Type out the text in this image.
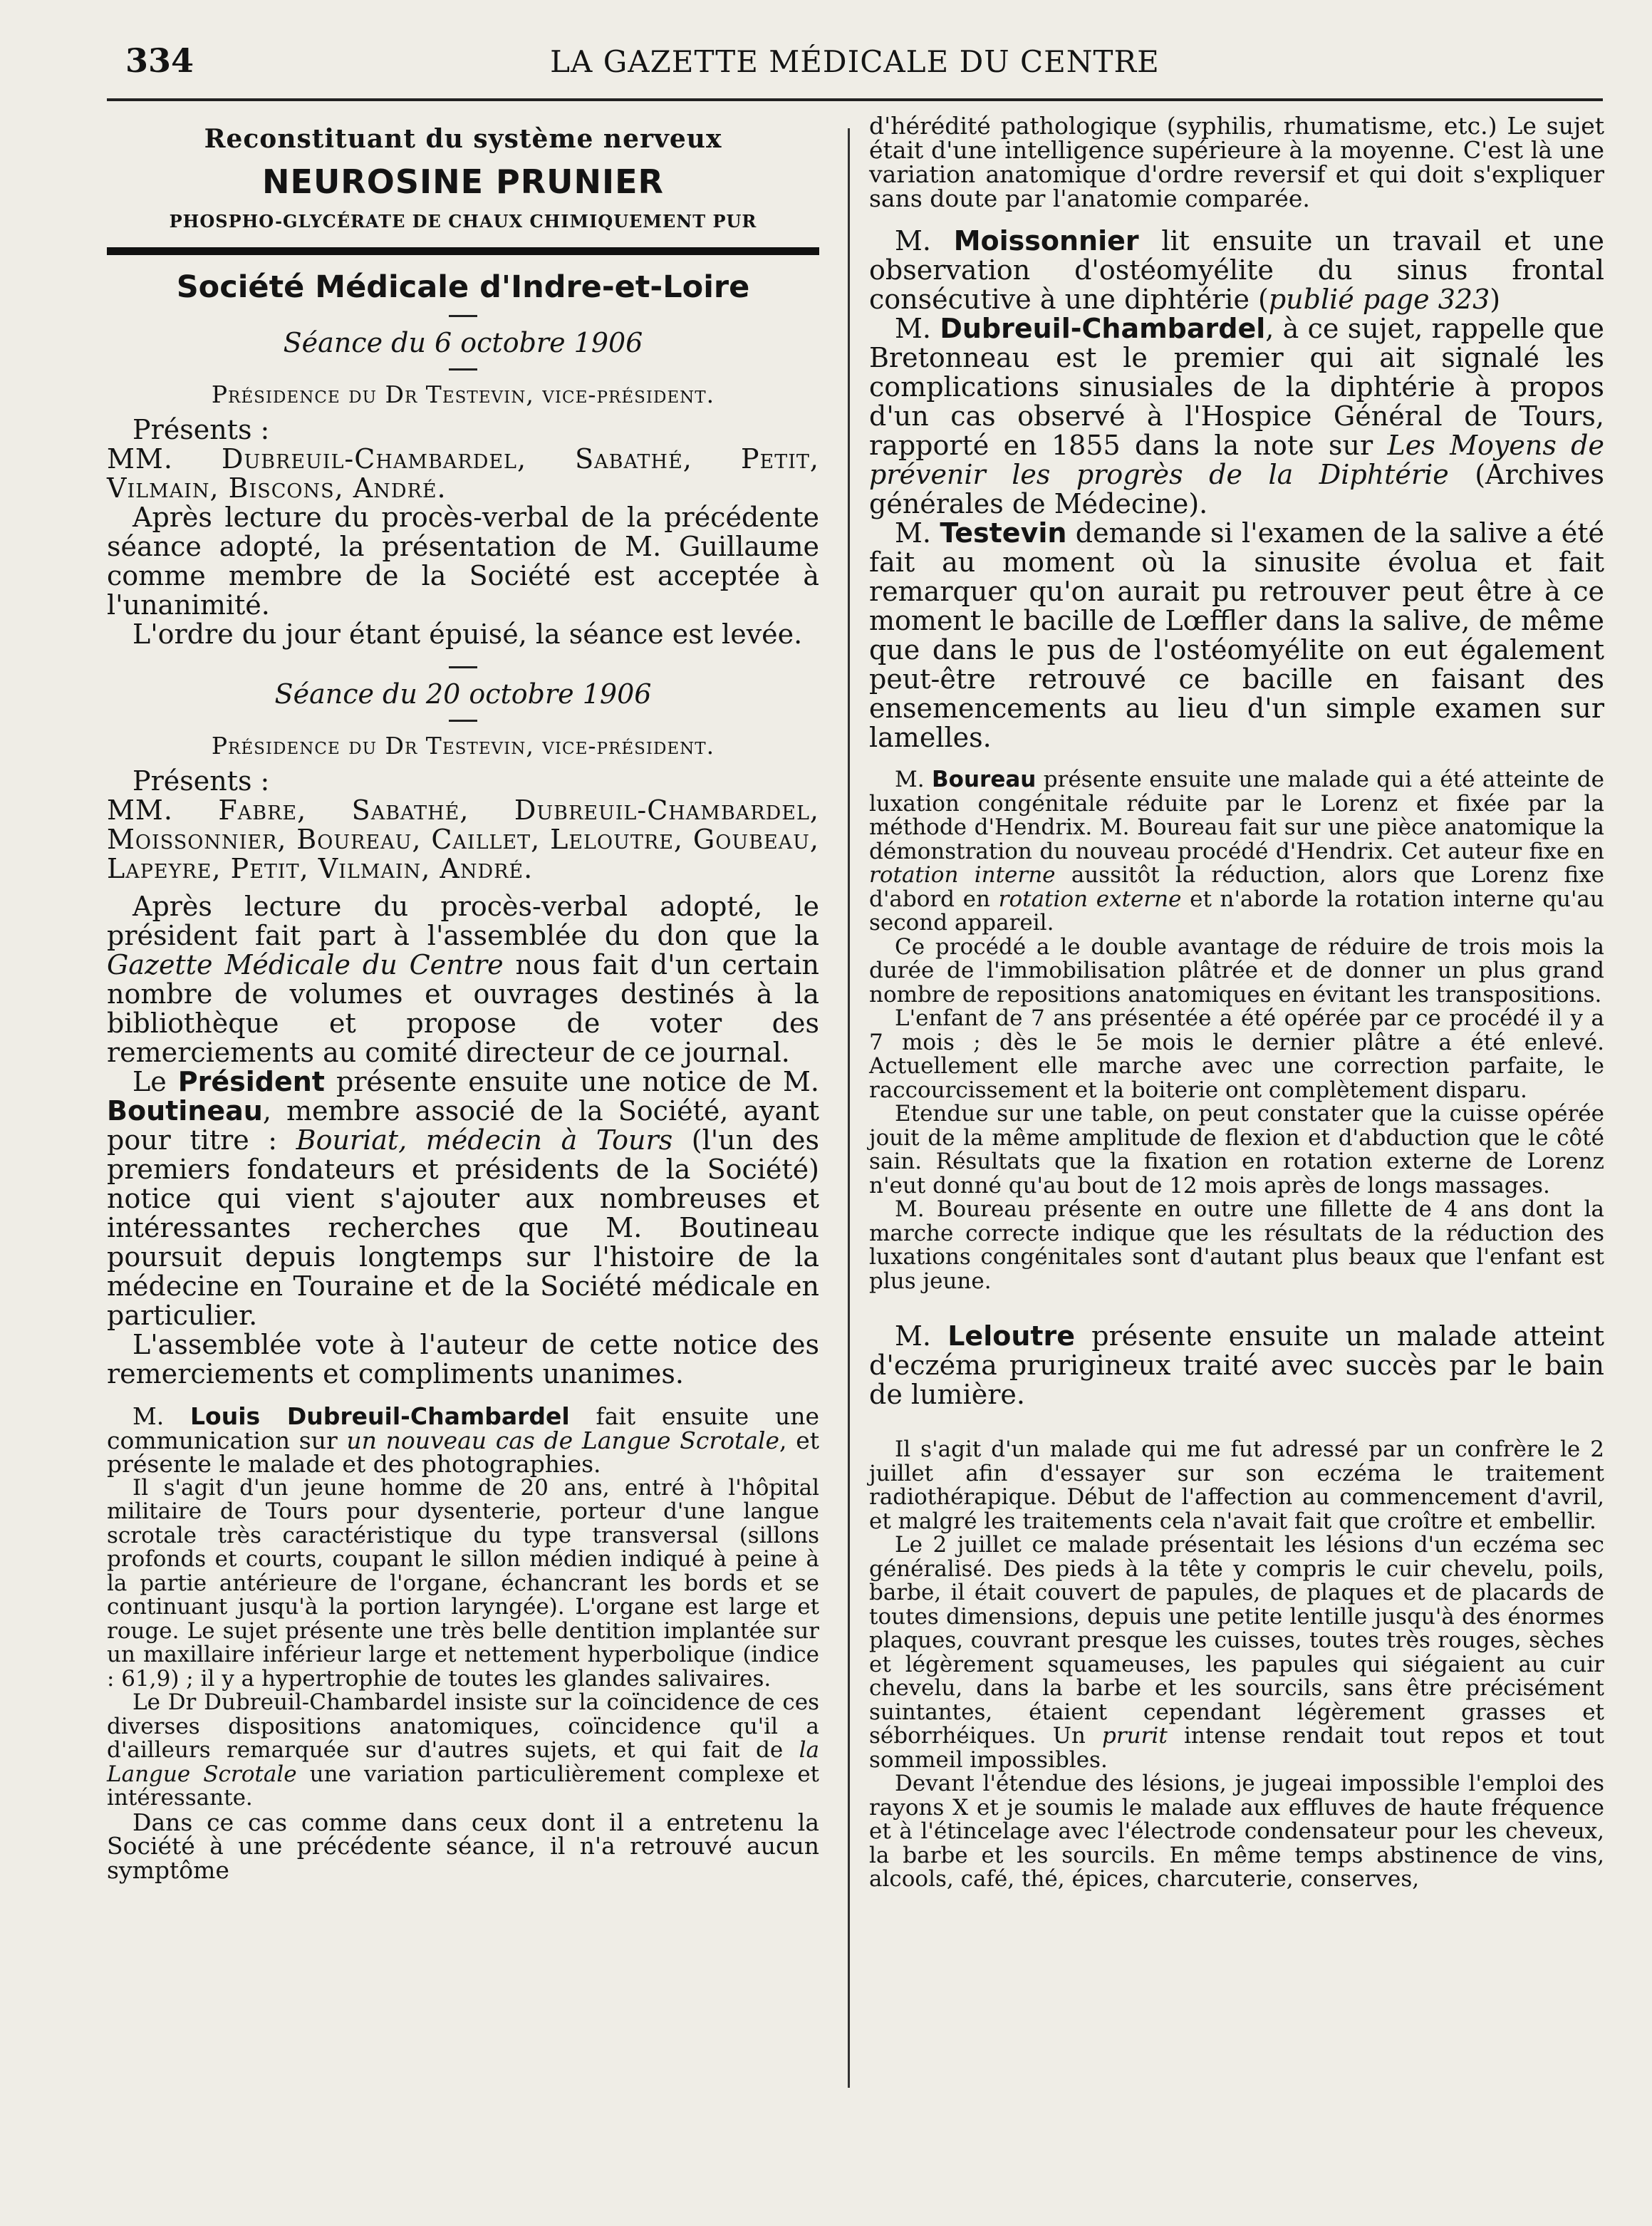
334	LA GAZETTE MÉDICALE DU CENTRE
Reconstituant du système nerveux
NEUROSINE PRUNIER
PHOSPHO-GLYCÉRATE DE CHAUX CHIMIQUEMENT PUR
Société Médicale d'Indre-et-Loire
Séance du 6 octobre 1906
Présidence du Dr Testevin, vice-président.

Présents :

MM. Dubreuil-Chambardel, Sabathé, Petit, Vilmain, Biscons, André.

Après lecture du procès-verbal de la précédente séance adopté, la présentation de M. Guillaume comme membre de la Société est acceptée à l'unanimité.

L'ordre du jour étant épuisé, la séance est levée.

Séance du 20 octobre 1906
Présidence du Dr Testevin, vice-président.

Présents :

MM. Fabre, Sabathé, Dubreuil-Chambardel, Moissonnier, Boureau, Caillet, Leloutre, Goubeau, Lapeyre, Petit, Vilmain, André.

Après lecture du procès-verbal adopté, le président fait part à l'assemblée du don que la Gazette Médicale du Centre nous fait d'un certain nombre de volumes et ouvrages destinés à la bibliothèque et propose de voter des remerciements au comité directeur de ce journal.

Le Président présente ensuite une notice de M. Boutineau, membre associé de la Société, ayant pour titre : Bouriat, médecin à Tours (l'un des premiers fondateurs et présidents de la Société) notice qui vient s'ajouter aux nombreuses et intéressantes recherches que M. Boutineau poursuit depuis longtemps sur l'histoire de la médecine en Touraine et de la Société médicale en particulier.

L'assemblée vote à l'auteur de cette notice des remerciements et compliments unanimes.

M. Louis Dubreuil-Chambardel fait ensuite une communication sur un nouveau cas de Langue Scrotale, et présente le malade et des photographies.

Il s'agit d'un jeune homme de 20 ans, entré à l'hôpital militaire de Tours pour dysenterie, porteur d'une langue scrotale très caractéristique du type transversal (sillons profonds et courts, coupant le sillon médien indiqué à peine à la partie antérieure de l'organe, échancrant les bords et se continuant jusqu'à la portion laryngée). L'organe est large et rouge. Le sujet présente une très belle dentition implantée sur un maxillaire inférieur large et nettement hyperbolique (indice : 61,9) ; il y a hypertrophie de toutes les glandes salivaires.

Le Dr Dubreuil-Chambardel insiste sur la coïncidence de ces diverses dispositions anatomiques, coïncidence qu'il a d'ailleurs remarquée sur d'autres sujets, et qui fait de la Langue Scrotale une variation particulièrement complexe et intéressante.

Dans ce cas comme dans ceux dont il a entretenu la Société à une précédente séance, il n'a retrouvé aucun symptôme

d'hérédité pathologique (syphilis, rhumatisme, etc.) Le sujet était d'une intelligence supérieure à la moyenne. C'est là une variation anatomique d'ordre reversif et qui doit s'expliquer sans doute par l'anatomie comparée.

M. Moissonnier lit ensuite un travail et une observation d'ostéomyélite du sinus frontal consécutive à une diphtérie (publié page 323)

M. Dubreuil-Chambardel, à ce sujet, rappelle que Bretonneau est le premier qui ait signalé les complications sinusiales de la diphtérie à propos d'un cas observé à l'Hospice Général de Tours, rapporté en 1855 dans la note sur Les Moyens de prévenir les progrès de la Diphtérie (Archives générales de Médecine).

M. Testevin demande si l'examen de la salive a été fait au moment où la sinusite évolua et fait remarquer qu'on aurait pu retrouver peut être à ce moment le bacille de Lœffler dans la salive, de même que dans le pus de l'ostéomyélite on eut également peut-être retrouvé ce bacille en faisant des ensemencements au lieu d'un simple examen sur lamelles.

M. Boureau présente ensuite une malade qui a été atteinte de luxation congénitale réduite par le Lorenz et fixée par la méthode d'Hendrix. M. Boureau fait sur une pièce anatomique la démonstration du nouveau procédé d'Hendrix. Cet auteur fixe en rotation interne aussitôt la réduction, alors que Lorenz fixe d'abord en rotation externe et n'aborde la rotation interne qu'au second appareil.

Ce procédé a le double avantage de réduire de trois mois la durée de l'immobilisation plâtrée et de donner un plus grand nombre de repositions anatomiques en évitant les transpositions.

L'enfant de 7 ans présentée a été opérée par ce procédé il y a 7 mois ; dès le 5e mois le dernier plâtre a été enlevé. Actuellement elle marche avec une correction parfaite, le raccourcissement et la boiterie ont complètement disparu.

Etendue sur une table, on peut constater que la cuisse opérée jouit de la même amplitude de flexion et d'abduction que le côté sain. Résultats que la fixation en rotation externe de Lorenz n'eut donné qu'au bout de 12 mois après de longs massages.

M. Boureau présente en outre une fillette de 4 ans dont la marche correcte indique que les résultats de la réduction des luxations congénitales sont d'autant plus beaux que l'enfant est plus jeune.

M. Leloutre présente ensuite un malade atteint d'eczéma prurigineux traité avec succès par le bain de lumière.

Il s'agit d'un malade qui me fut adressé par un confrère le 2 juillet afin d'essayer sur son eczéma le traitement radiothérapique. Début de l'affection au commencement d'avril, et malgré les traitements cela n'avait fait que croître et embellir.

Le 2 juillet ce malade présentait les lésions d'un eczéma sec généralisé. Des pieds à la tête y compris le cuir chevelu, poils, barbe, il était couvert de papules, de plaques et de placards de toutes dimensions, depuis une petite lentille jusqu'à des énormes plaques, couvrant presque les cuisses, toutes très rouges, sèches et légèrement squameuses, les papules qui siégaient au cuir chevelu, dans la barbe et les sourcils, sans être précisément suintantes, étaient cependant légèrement grasses et séborrhéiques. Un prurit intense rendait tout repos et tout sommeil impossibles.

Devant l'étendue des lésions, je jugeai impossible l'emploi des rayons X et je soumis le malade aux effluves de haute fréquence et à l'étincelage avec l'électrode condensateur pour les cheveux, la barbe et les sourcils. En même temps abstinence de vins, alcools, café, thé, épices, charcuterie, conserves,
